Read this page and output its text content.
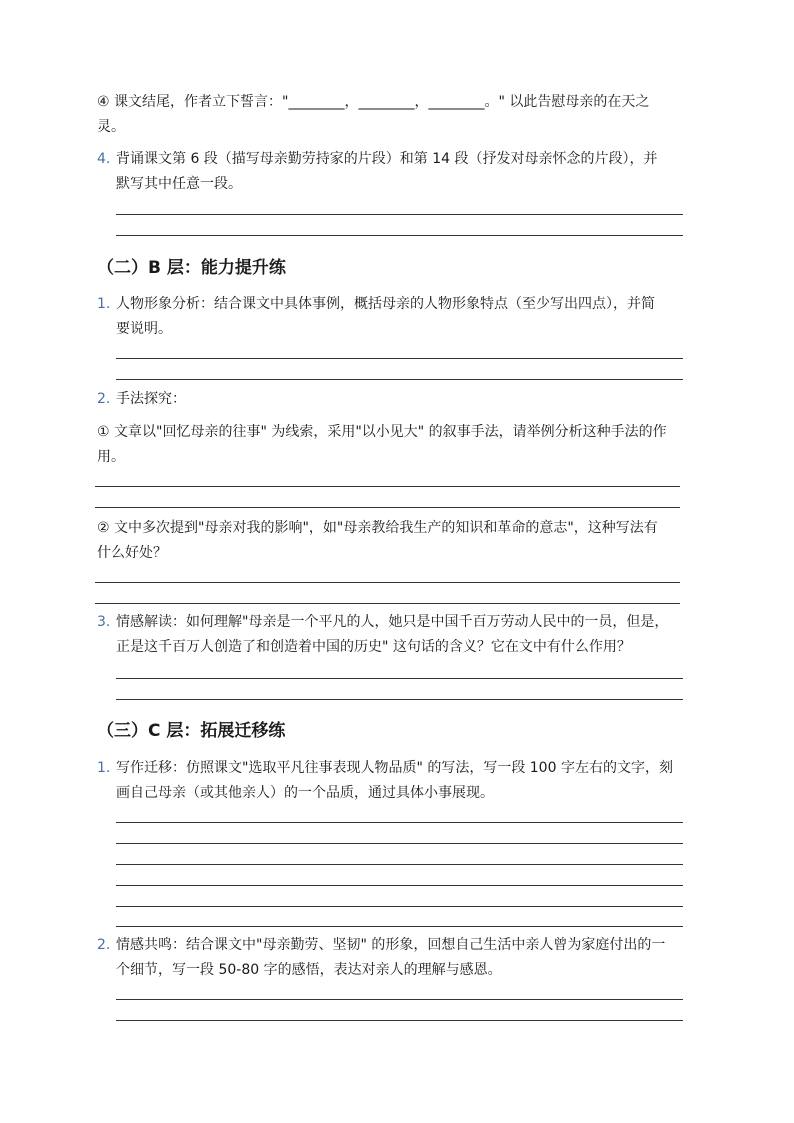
④ 课文结尾，作者立下誓言："________，________，________。" 以此告慰母亲的在天之
灵。
4. 背诵课文第 6 段（描写母亲勤劳持家的片段）和第 14 段（抒发对母亲怀念的片段），并
默写其中任意一段。
（二）B 层：能力提升练
1. 人物形象分析：结合课文中具体事例，概括母亲的人物形象特点（至少写出四点），并简
要说明。
2. 手法探究：
① 文章以"回忆母亲的往事" 为线索，采用"以小见大" 的叙事手法，请举例分析这种手法的作
用。
② 文中多次提到"母亲对我的影响"，如"母亲教给我生产的知识和革命的意志"，这种写法有
什么好处？
3. 情感解读：如何理解"母亲是一个平凡的人，她只是中国千百万劳动人民中的一员，但是，
正是这千百万人创造了和创造着中国的历史" 这句话的含义？它在文中有什么作用？
（三）C 层：拓展迁移练
1. 写作迁移：仿照课文"选取平凡往事表现人物品质" 的写法，写一段 100 字左右的文字，刻
画自己母亲（或其他亲人）的一个品质，通过具体小事展现。
2. 情感共鸣：结合课文中"母亲勤劳、坚韧" 的形象，回想自己生活中亲人曾为家庭付出的一
个细节，写一段 50-80 字的感悟，表达对亲人的理解与感恩。
